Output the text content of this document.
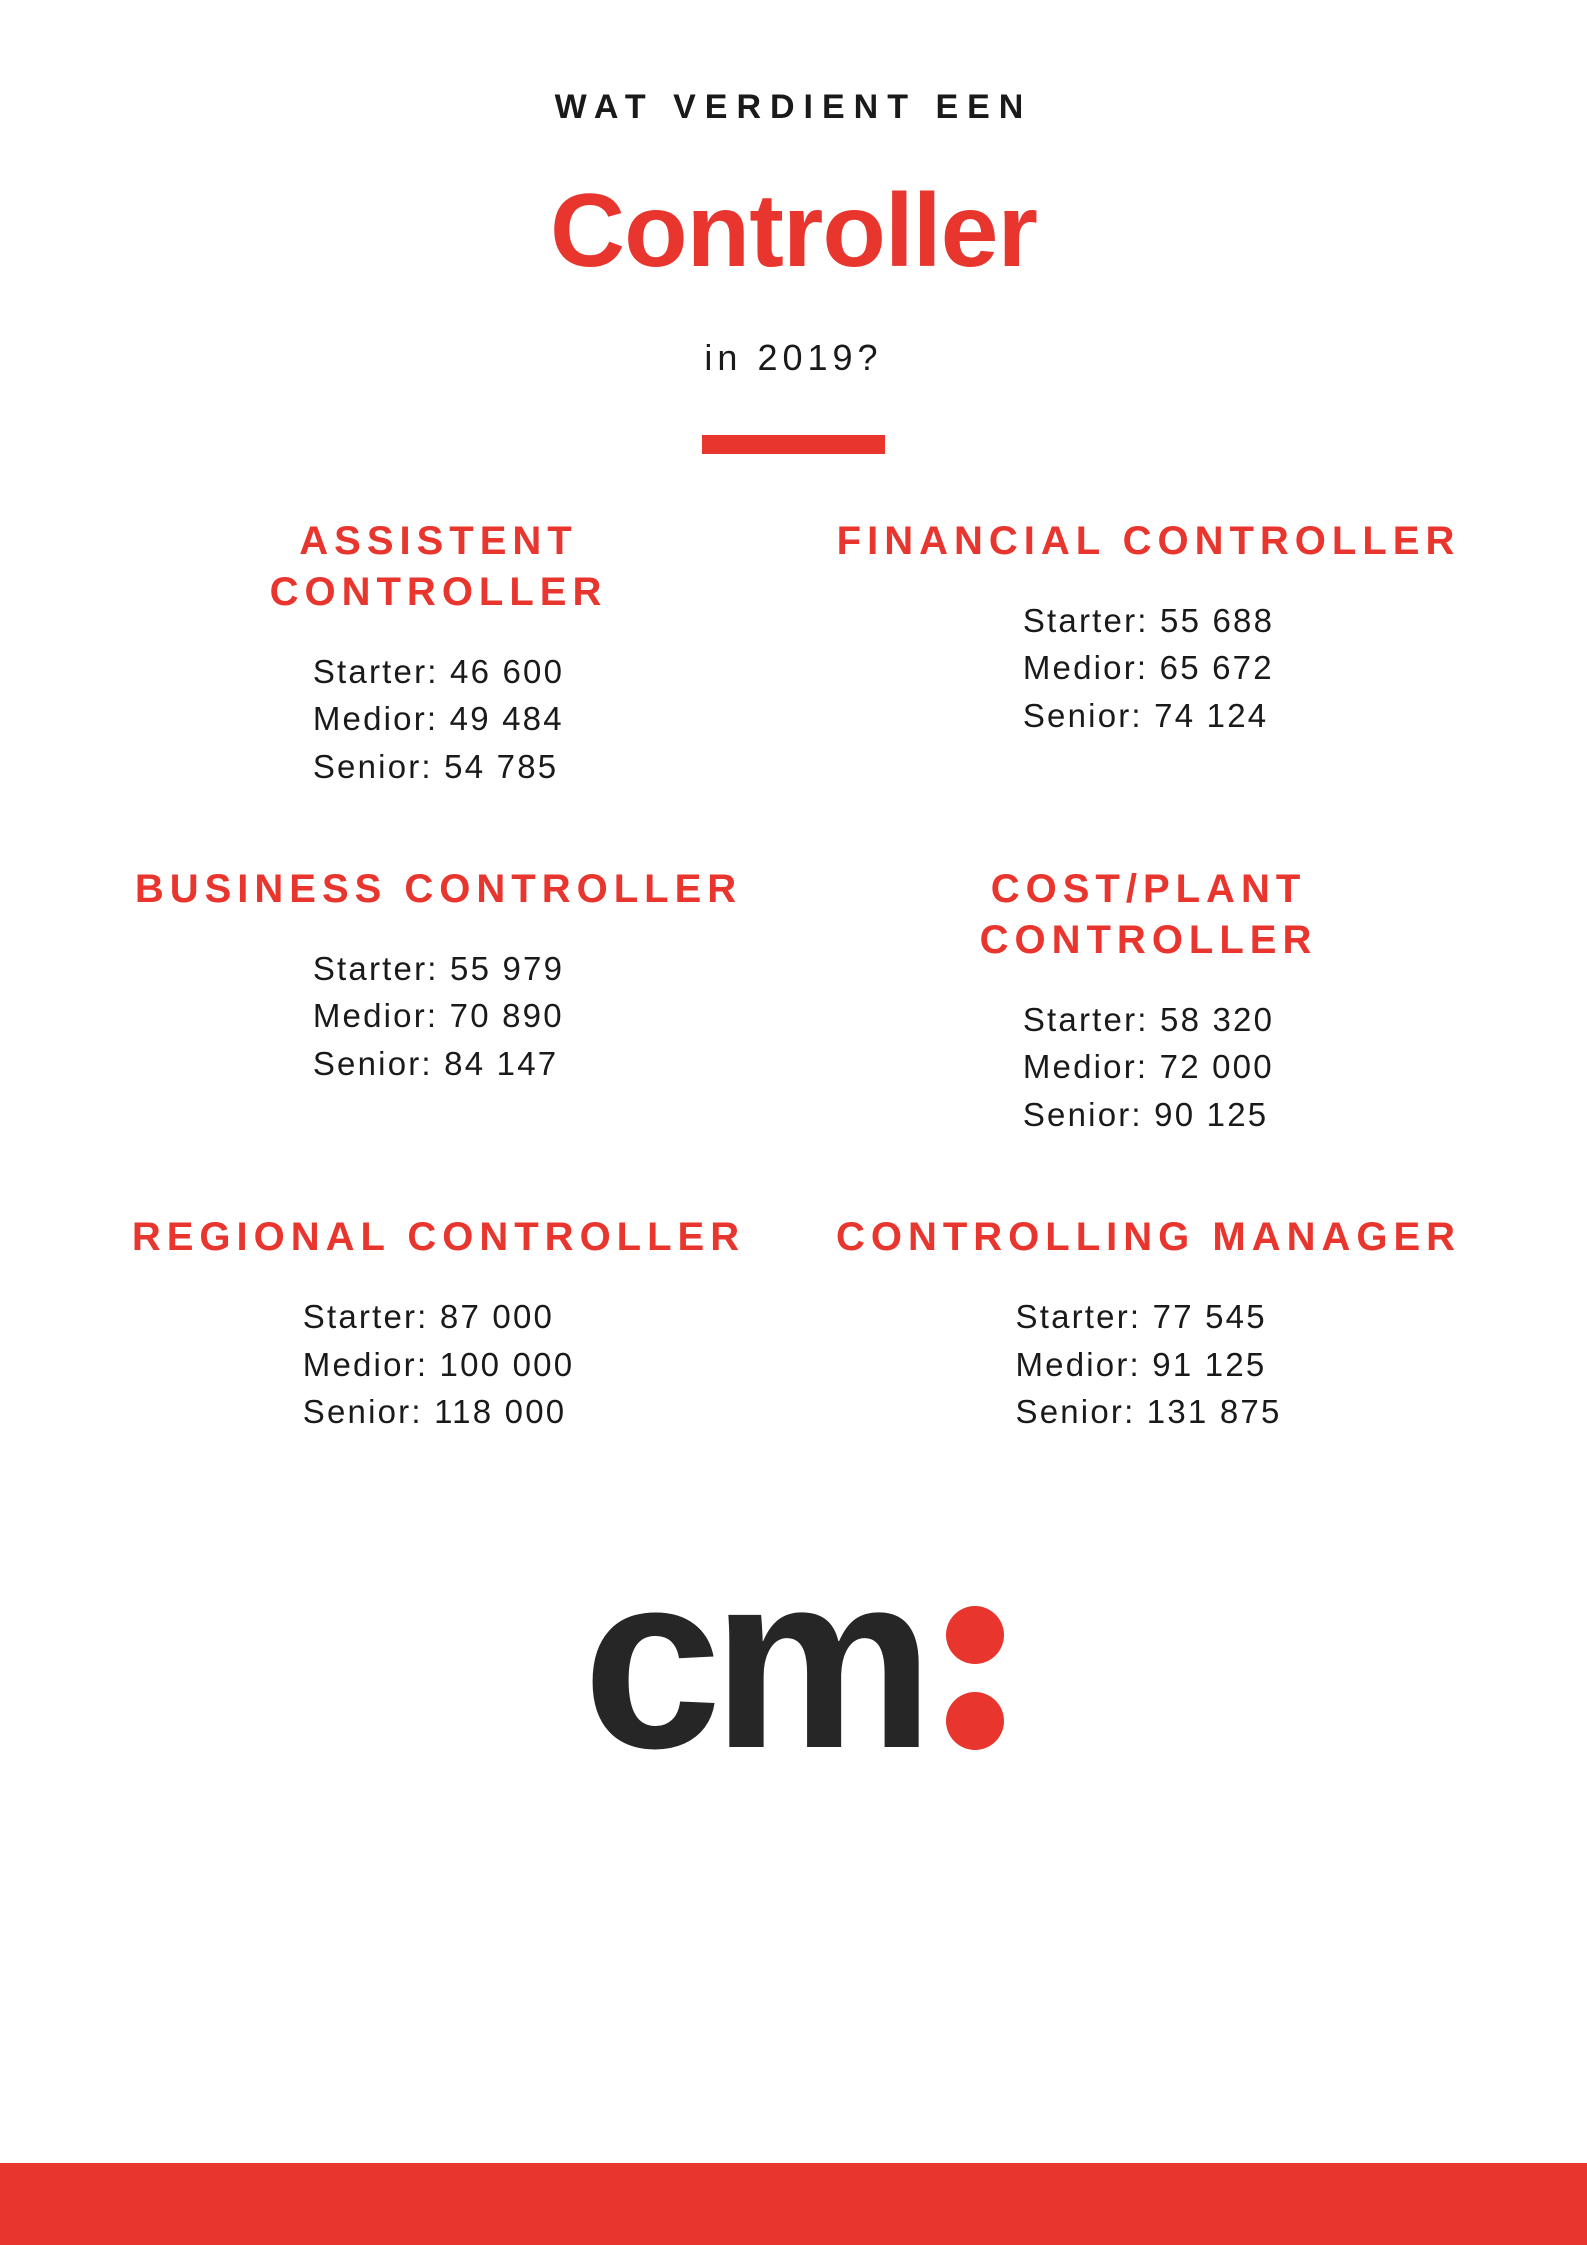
WAT VERDIENT EEN
Controller
in 2019?
ASSISTENT CONTROLLER
Starter: 46 600
Medior: 49 484
Senior: 54 785
FINANCIAL CONTROLLER
Starter: 55 688
Medior: 65 672
Senior: 74 124
BUSINESS CONTROLLER
Starter: 55 979
Medior: 70 890
Senior: 84 147
COST/PLANT CONTROLLER
Starter: 58 320
Medior: 72 000
Senior: 90 125
REGIONAL CONTROLLER
Starter: 87 000
Medior: 100 000
Senior: 118 000
CONTROLLING MANAGER
Starter: 77 545
Medior: 91 125
Senior: 131 875
cm
